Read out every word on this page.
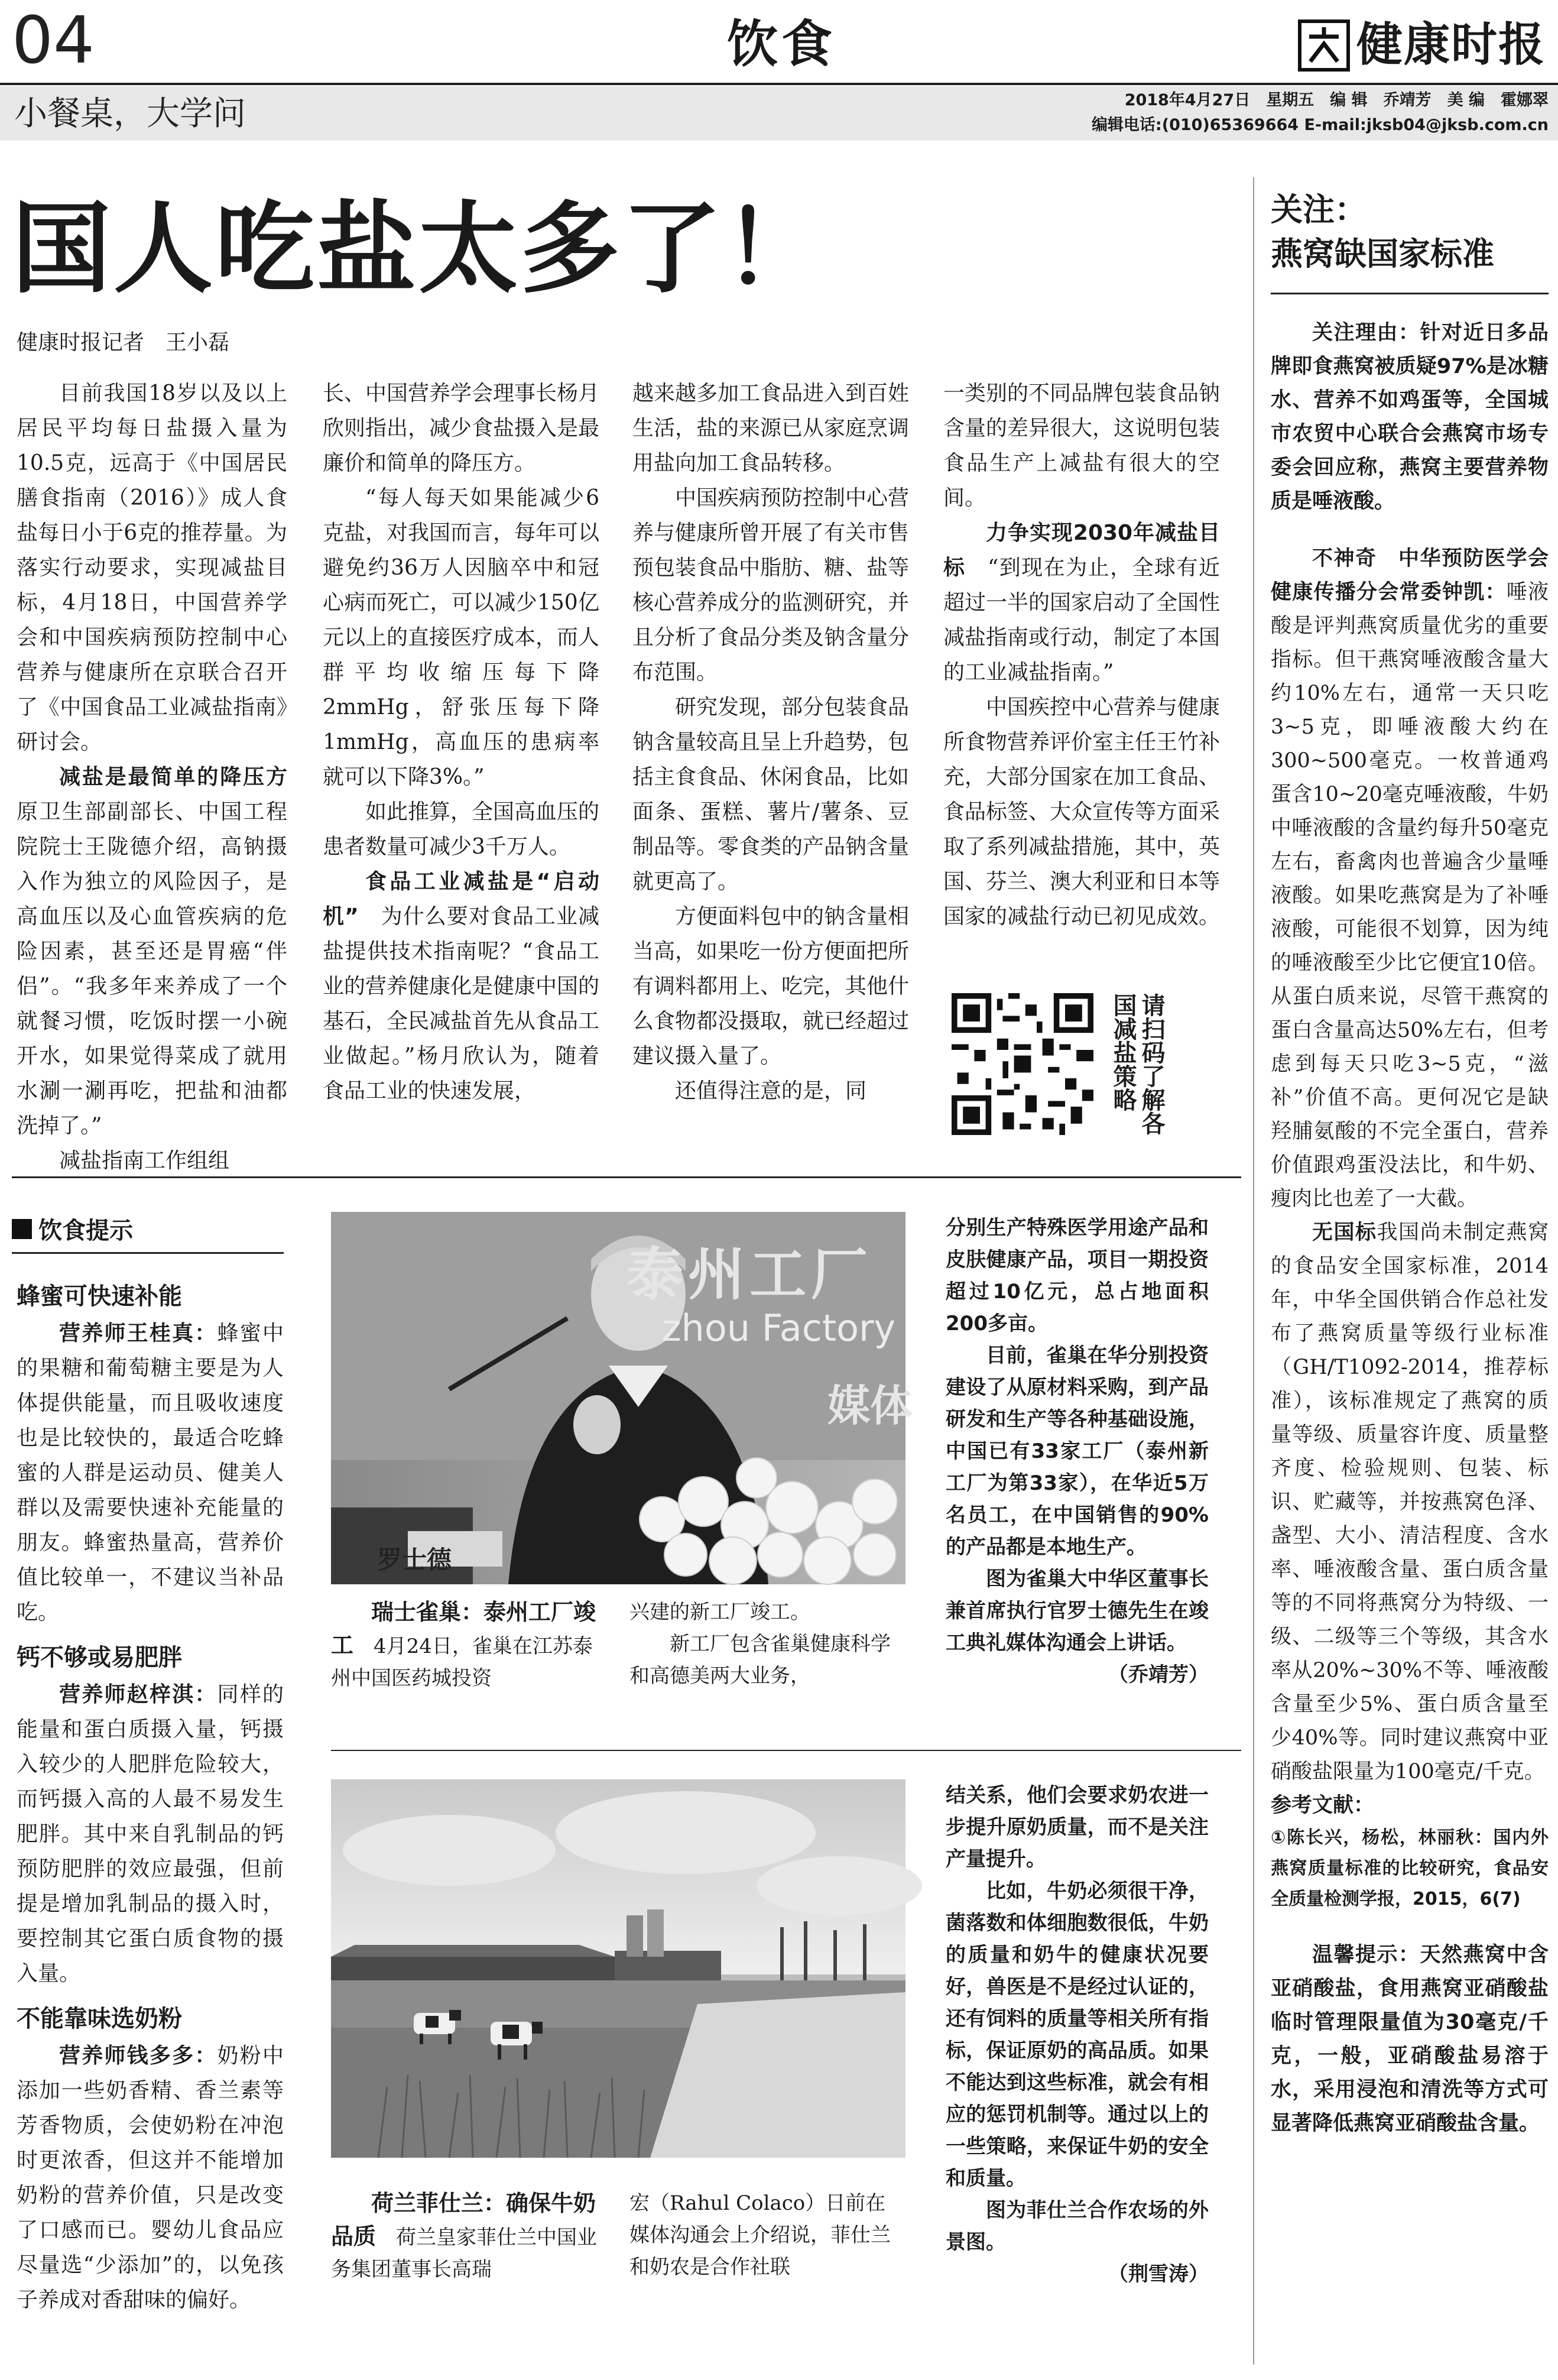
04	饮食	健康时报
小餐桌，大学问	2018年4月27日　星期五　编 辑　乔靖芳　美 编　霍娜翠
编辑电话:(010)65369664 E-mail:jksb04@jksb.com.cn
国人吃盐太多了！
健康时报记者　王小磊

目前我国18岁以及以上居民平均每日盐摄入量为10.5克，远高于《中国居民膳食指南（2016）》成人食盐每日小于6克的推荐量。为落实行动要求，实现减盐目标，4月18日，中国营养学会和中国疾病预防控制中心营养与健康所在京联合召开了《中国食品工业减盐指南》研讨会。

减盐是最简单的降压方　原卫生部副部长、中国工程院院士王陇德介绍，高钠摄入作为独立的风险因子，是高血压以及心血管疾病的危险因素，甚至还是胃癌“伴侣”。“我多年来养成了一个就餐习惯，吃饭时摆一小碗开水，如果觉得菜成了就用水涮一涮再吃，把盐和油都洗掉了。”

减盐指南工作组组

长、中国营养学会理事长杨月欣则指出，减少食盐摄入是最廉价和简单的降压方。

“每人每天如果能减少6克盐，对我国而言，每年可以避免约36万人因脑卒中和冠心病而死亡，可以减少150亿元以上的直接医疗成本，而人群平均收缩压每下降2mmHg，舒张压每下降1mmHg，高血压的患病率就可以下降3%。”

如此推算，全国高血压的患者数量可减少3千万人。

食品工业减盐是“启动机”　 为什么要对食品工业减盐提供技术指南呢？“食品工业的营养健康化是健康中国的基石，全民减盐首先从食品工业做起。”杨月欣认为，随着食品工业的快速发展，

越来越多加工食品进入到百姓生活，盐的来源已从家庭烹调用盐向加工食品转移。

中国疾病预防控制中心营养与健康所曾开展了有关市售预包装食品中脂肪、糖、盐等核心营养成分的监测研究，并且分析了食品分类及钠含量分布范围。

研究发现，部分包装食品钠含量较高且呈上升趋势，包括主食食品、休闲食品，比如面条、蛋糕、薯片/薯条、豆制品等。零食类的产品钠含量就更高了。

方便面料包中的钠含量相当高，如果吃一份方便面把所有调料都用上、吃完，其他什么食物都没摄取，就已经超过建议摄入量了。

还值得注意的是，同

一类别的不同品牌包装食品钠含量的差异很大，这说明包装食品生产上减盐有很大的空间。

力争实现2030年减盐目标　 “到现在为止，全球有近超过一半的国家启动了全国性减盐指南或行动，制定了本国的工业减盐指南。”

中国疾控中心营养与健康所食物营养评价室主任王竹补充，大部分国家在加工食品、食品标签、大众宣传等方面采取了系列减盐措施，其中，英国、芬兰、澳大利亚和日本等国家的减盐行动已初见成效。

请扫码了解各国减盐策略
饮食提示
蜂蜜可快速补能

营养师王桂真：蜂蜜中的果糖和葡萄糖主要是为人体提供能量，而且吸收速度也是比较快的，最适合吃蜂蜜的人群是运动员、健美人群以及需要快速补充能量的朋友。蜂蜜热量高，营养价值比较单一，不建议当补品吃。

钙不够或易肥胖

营养师赵梓淇：同样的能量和蛋白质摄入量，钙摄入较少的人肥胖危险较大，而钙摄入高的人最不易发生肥胖。其中来自乳制品的钙预防肥胖的效应最强，但前提是增加乳制品的摄入时，要控制其它蛋白质食物的摄入量。

不能靠味选奶粉

营养师钱多多：奶粉中添加一些奶香精、香兰素等芳香物质，会使奶粉在冲泡时更浓香，但这并不能增加奶粉的营养价值，只是改变了口感而已。婴幼儿食品应尽量选“少添加”的，以免孩子养成对香甜味的偏好。

泰州工厂
zhou Factory
媒体
罗士德

瑞士雀巢：泰州工厂竣工　 4月24日，雀巢在江苏泰州中国医药城投资

兴建的新工厂竣工。

新工厂包含雀巢健康科学和高德美两大业务，

分别生产特殊医学用途产品和皮肤健康产品，项目一期投资超过10亿元，总占地面积200多亩。

目前，雀巢在华分别投资建设了从原材料采购，到产品研发和生产等各种基础设施，中国已有33家工厂（泰州新工厂为第33家），在华近5万名员工，在中国销售的90%的产品都是本地生产。

图为雀巢大中华区董事长兼首席执行官罗士德先生在竣工典礼媒体沟通会上讲话。

（乔靖芳）

荷兰菲仕兰：确保牛奶品质　 荷兰皇家菲仕兰中国业务集团董事长高瑞

宏（Rahul Colaco）日前在媒体沟通会上介绍说，菲仕兰和奶农是合作社联

结关系，他们会要求奶农进一步提升原奶质量，而不是关注产量提升。

比如，牛奶必须很干净，菌落数和体细胞数很低，牛奶的质量和奶牛的健康状况要好，兽医是不是经过认证的，还有饲料的质量等相关所有指标，保证原奶的高品质。如果不能达到这些标准，就会有相应的惩罚机制等。通过以上的一些策略，来保证牛奶的安全和质量。

图为菲仕兰合作农场的外景图。

（荆雪涛）
关注：
燕窝缺国家标准

关注理由：针对近日多品牌即食燕窝被质疑97%是冰糖水、营养不如鸡蛋等，全国城市农贸中心联合会燕窝市场专委会回应称，燕窝主要营养物质是唾液酸。

不神奇　中华预防医学会健康传播分会常委钟凯：唾液酸是评判燕窝质量优劣的重要指标。但干燕窝唾液酸含量大约10%左右，通常一天只吃3~5克，即唾液酸大约在300~500毫克。一枚普通鸡蛋含10~20毫克唾液酸，牛奶中唾液酸的含量约每升50毫克左右，畜禽肉也普遍含少量唾液酸。如果吃燕窝是为了补唾液酸，可能很不划算，因为纯的唾液酸至少比它便宜10倍。从蛋白质来说，尽管干燕窝的蛋白含量高达50%左右，但考虑到每天只吃3~5克，“滋补”价值不高。更何况它是缺羟脯氨酸的不完全蛋白，营养价值跟鸡蛋没法比，和牛奶、瘦肉比也差了一大截。

无国标我国尚未制定燕窝的食品安全国家标准，2014年，中华全国供销合作总社发布了燕窝质量等级行业标准（GH/T1092-2014，推荐标准），该标准规定了燕窝的质量等级、质量容许度、质量整齐度、检验规则、包装、标识、贮藏等，并按燕窝色泽、盏型、大小、清洁程度、含水率、唾液酸含量、蛋白质含量等的不同将燕窝分为特级、一级、二级等三个等级，其含水率从20%~30%不等、唾液酸含量至少5%、蛋白质含量至少40%等。同时建议燕窝中亚硝酸盐限量为100毫克/千克。

参考文献：
①陈长兴，杨松，林丽秋：国内外燕窝质量标准的比较研究，食品安全质量检测学报，2015，6(7)

温馨提示：天然燕窝中含亚硝酸盐，食用燕窝亚硝酸盐临时管理限量值为30毫克/千克，一般，亚硝酸盐易溶于水，采用浸泡和清洗等方式可显著降低燕窝亚硝酸盐含量。
